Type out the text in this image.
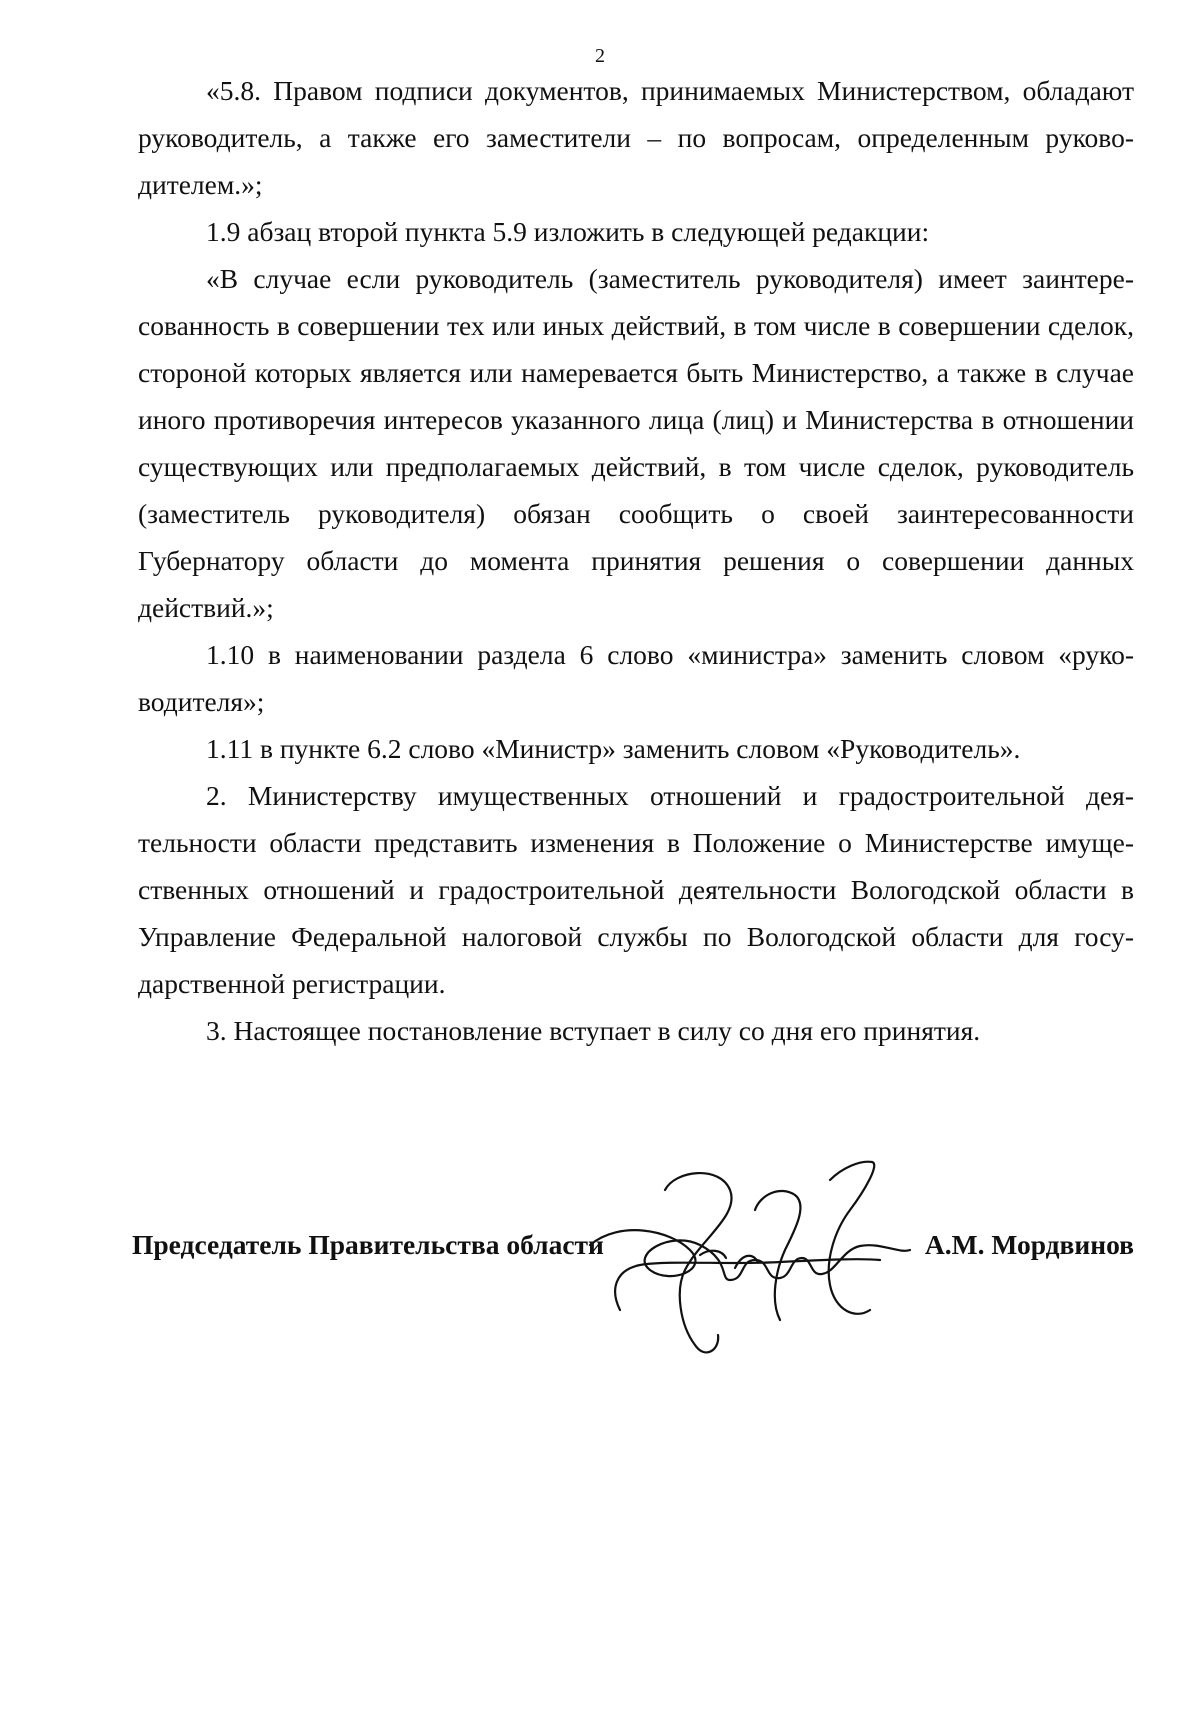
2

«5.8. Правом подписи документов, принимаемых Министерством, обладают руководитель, а также его заместители – по вопросам, определенным руководителем.»;

1.9 абзац второй пункта 5.9 изложить в следующей редакции:

«В случае если руководитель (заместитель руководителя) имеет заинтересованность в совершении тех или иных действий, в том числе в совершении сделок, стороной которых является или намеревается быть Министерство, а также в случае иного противоречия интересов указанного лица (лиц) и Министерства в отношении существующих или предполагаемых действий, в том числе сделок, руководитель (заместитель руководителя) обязан сообщить о своей заинтересованности Губернатору области до момента принятия решения о совершении данных действий.»;

1.10 в наименовании раздела 6 слово «министра» заменить словом «руководителя»;

1.11 в пункте 6.2 слово «Министр» заменить словом «Руководитель».

2. Министерству имущественных отношений и градостроительной деятельности области представить изменения в Положение о Министерстве имущественных отношений и градостроительной деятельности Вологодской области в Управление Федеральной налоговой службы по Вологодской области для государственной регистрации.

3. Настоящее постановление вступает в силу со дня его принятия.

Председатель Правительства области	А.М. Мордвинов
